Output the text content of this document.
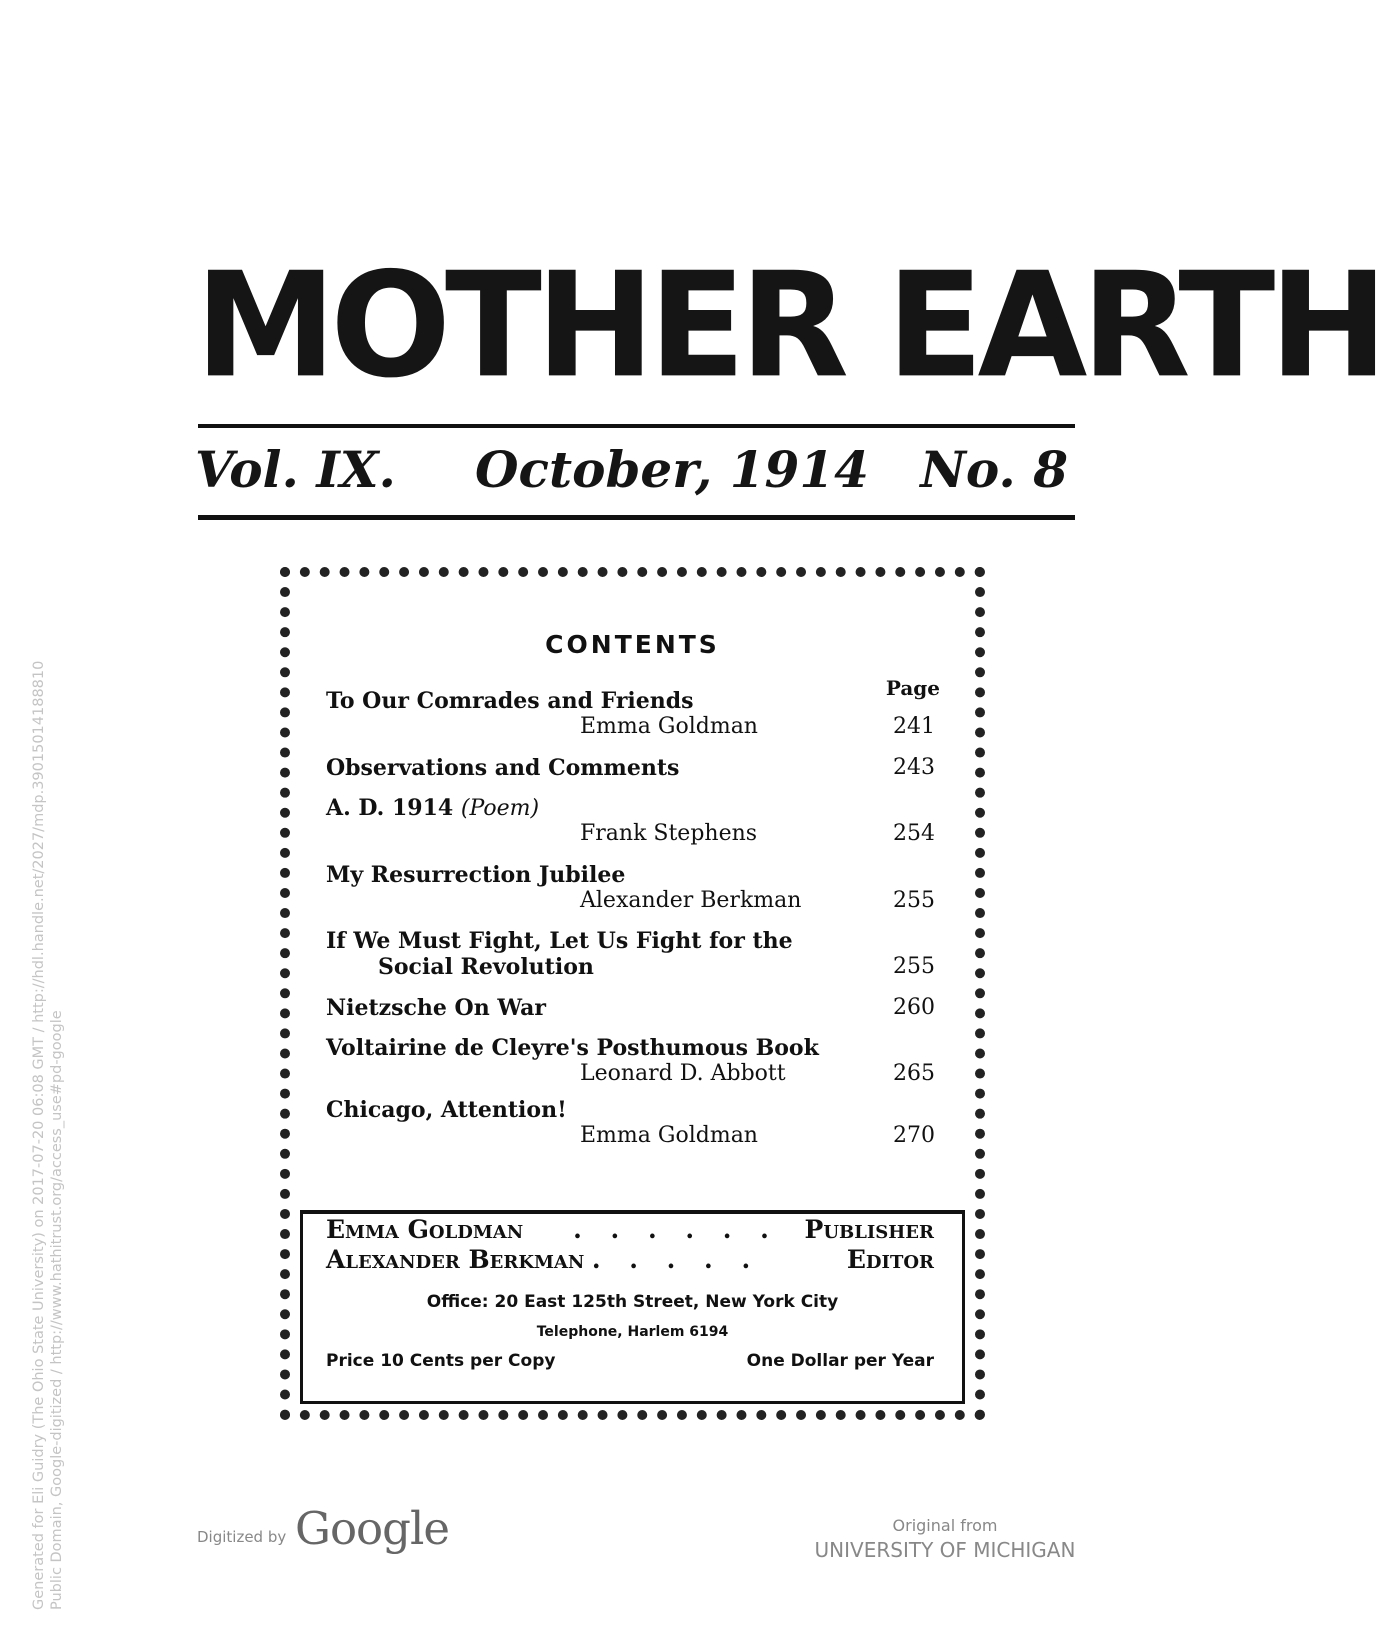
MOTHER EARTH
Vol. IX. October, 1914 No. 8
CONTENTS
Page
To Our Comrades and Friends
Emma Goldman	241
Observations and Comments	243
A. D. 1914 (Poem)
Frank Stephens	254
My Resurrection Jubilee
Alexander Berkman	255
If We Must Fight, Let Us Fight for the
Social Revolution	255
Nietzsche On War	260
Voltairine de Cleyre's Posthumous Book
Leonard D. Abbott	265
Chicago, Attention!
Emma Goldman	270
Emma Goldman	. . . . . .	Publisher
Alexander Berkman . . . . .	Editor
Office: 20 East 125th Street, New York City
Telephone, Harlem 6194
Price 10 Cents per Copy	One Dollar per Year
Digitized by Google	Original from
UNIVERSITY OF MICHIGAN
Generated for Eli Guidry (The Ohio State University) on 2017-07-20 06:08 GMT / http://hdl.handle.net/2027/mdp.39015014188810 Public Domain, Google-digitized / http://www.hathitrust.org/access_use#pd-google
